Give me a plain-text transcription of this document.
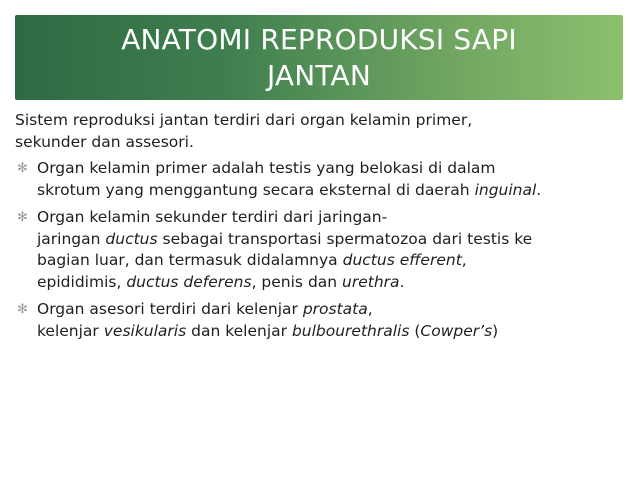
ANATOMI REPRODUKSI SAPI
JANTAN

Sistem reproduksi jantan terdiri dari organ kelamin primer,
sekunder dan assesori.

✻ Organ kelamin primer adalah testis yang belokasi di dalam
skrotum yang menggantung secara eksternal di daerah inguinal.
✻ Organ kelamin sekunder terdiri dari jaringan-
jaringan ductus sebagai transportasi spermatozoa dari testis ke
bagian luar, dan termasuk didalamnya ductus efferent,
epididimis, ductus deferens, penis dan urethra.
✻ Organ asesori terdiri dari kelenjar prostata,
kelenjar vesikularis dan kelenjar bulbourethralis (Cowper’s)
